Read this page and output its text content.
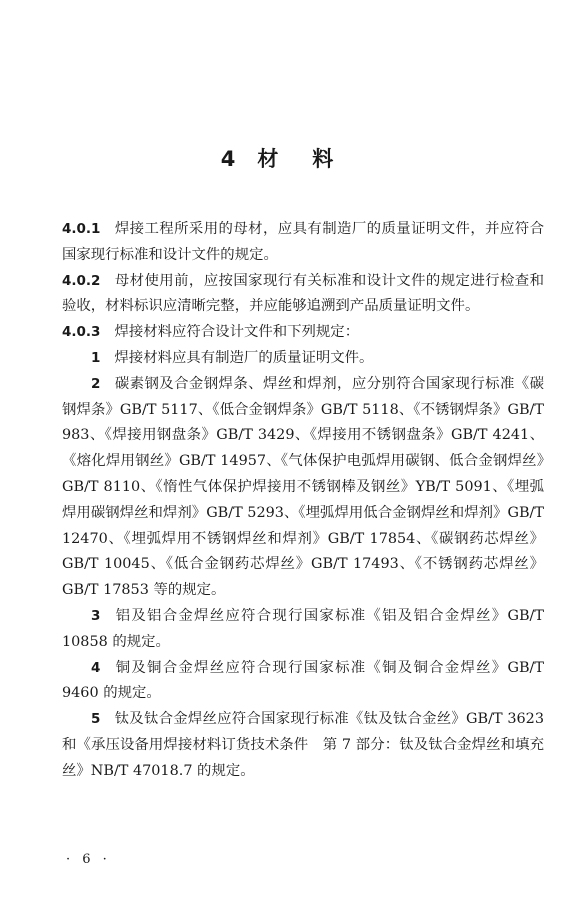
4 材料

4.0.1 焊接工程所采用的母材，应具有制造厂的质量证明文件，并应符合国家现行标准和设计文件的规定。

4.0.2 母材使用前，应按国家现行有关标准和设计文件的规定进行检查和验收，材料标识应清晰完整，并应能够追溯到产品质量证明文件。

4.0.3 焊接材料应符合设计文件和下列规定：

1 焊接材料应具有制造厂的质量证明文件。

2 碳素钢及合金钢焊条、焊丝和焊剂，应分别符合国家现行标准《碳钢焊条》GB/T 5117、《低合金钢焊条》GB/T 5118、《不锈钢焊条》GB/T 983、《焊接用钢盘条》GB/T 3429、《焊接用不锈钢盘条》GB/T 4241、《熔化焊用钢丝》GB/T 14957、《气体保护电弧焊用碳钢、低合金钢焊丝》GB/T 8110、《惰性气体保护焊接用不锈钢棒及钢丝》YB/T 5091、《埋弧焊用碳钢焊丝和焊剂》GB/T 5293、《埋弧焊用低合金钢焊丝和焊剂》GB/T 12470、《埋弧焊用不锈钢焊丝和焊剂》GB/T 17854、《碳钢药芯焊丝》GB/T 10045、《低合金钢药芯焊丝》GB/T 17493、《不锈钢药芯焊丝》GB/T 17853 等的规定。

3 铝及铝合金焊丝应符合现行国家标准《铝及铝合金焊丝》GB/T 10858 的规定。

4 铜及铜合金焊丝应符合现行国家标准《铜及铜合金焊丝》GB/T 9460 的规定。

5 钛及钛合金焊丝应符合国家现行标准《钛及钛合金丝》GB/T 3623 和《承压设备用焊接材料订货技术条件　第 7 部分：钛及钛合金焊丝和填充丝》NB/T 47018.7 的规定。

· 6 ·
